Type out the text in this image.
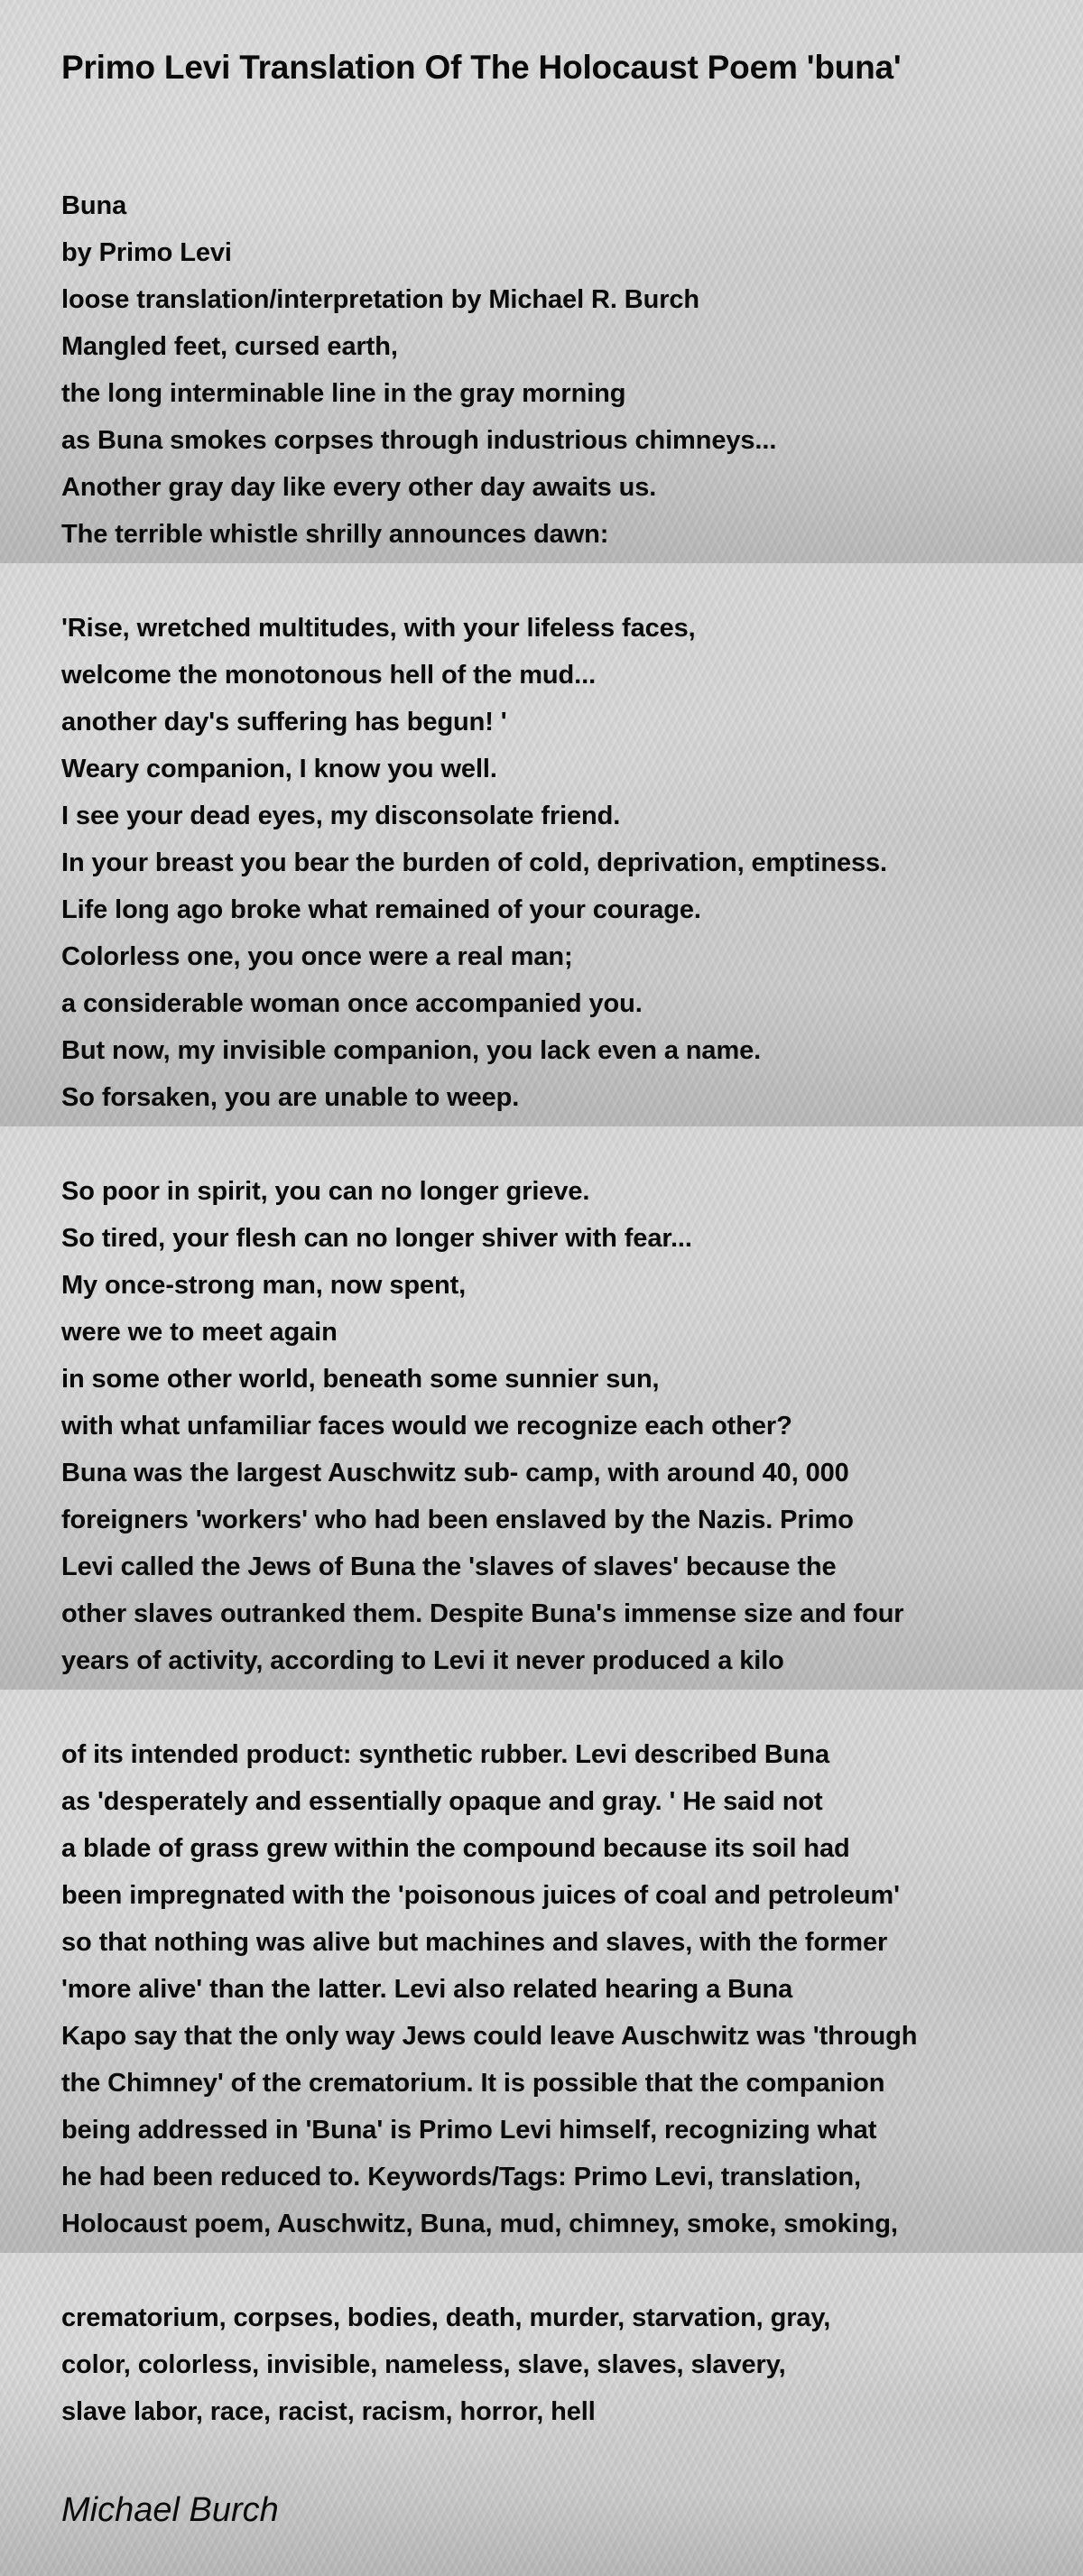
Primo Levi Translation Of The Holocaust Poem 'buna'
Buna
by Primo Levi
loose translation/interpretation by Michael R. Burch
Mangled feet, cursed earth,
the long interminable line in the gray morning
as Buna smokes corpses through industrious chimneys...
Another gray day like every other day awaits us.
The terrible whistle shrilly announces dawn:
'Rise, wretched multitudes, with your lifeless faces,
welcome the monotonous hell of the mud...
another day's suffering has begun! '
Weary companion, I know you well.
I see your dead eyes, my disconsolate friend.
In your breast you bear the burden of cold, deprivation, emptiness.
Life long ago broke what remained of your courage.
Colorless one, you once were a real man;
a considerable woman once accompanied you.
But now, my invisible companion, you lack even a name.
So forsaken, you are unable to weep.
So poor in spirit, you can no longer grieve.
So tired, your flesh can no longer shiver with fear...
My once-strong man, now spent,
were we to meet again
in some other world, beneath some sunnier sun,
with what unfamiliar faces would we recognize each other?
Buna was the largest Auschwitz sub- camp, with around 40, 000
foreigners 'workers' who had been enslaved by the Nazis. Primo
Levi called the Jews of Buna the 'slaves of slaves' because the
other slaves outranked them. Despite Buna's immense size and four
years of activity, according to Levi it never produced a kilo
of its intended product: synthetic rubber. Levi described Buna
as 'desperately and essentially opaque and gray. ' He said not
a blade of grass grew within the compound because its soil had
been impregnated with the 'poisonous juices of coal and petroleum'
so that nothing was alive but machines and slaves, with the former
'more alive' than the latter. Levi also related hearing a Buna
Kapo say that the only way Jews could leave Auschwitz was 'through
the Chimney' of the crematorium. It is possible that the companion
being addressed in 'Buna' is Primo Levi himself, recognizing what
he had been reduced to. Keywords/Tags: Primo Levi, translation,
Holocaust poem, Auschwitz, Buna, mud, chimney, smoke, smoking,
crematorium, corpses, bodies, death, murder, starvation, gray,
color, colorless, invisible, nameless, slave, slaves, slavery,
slave labor, race, racist, racism, horror, hell

Michael Burch
